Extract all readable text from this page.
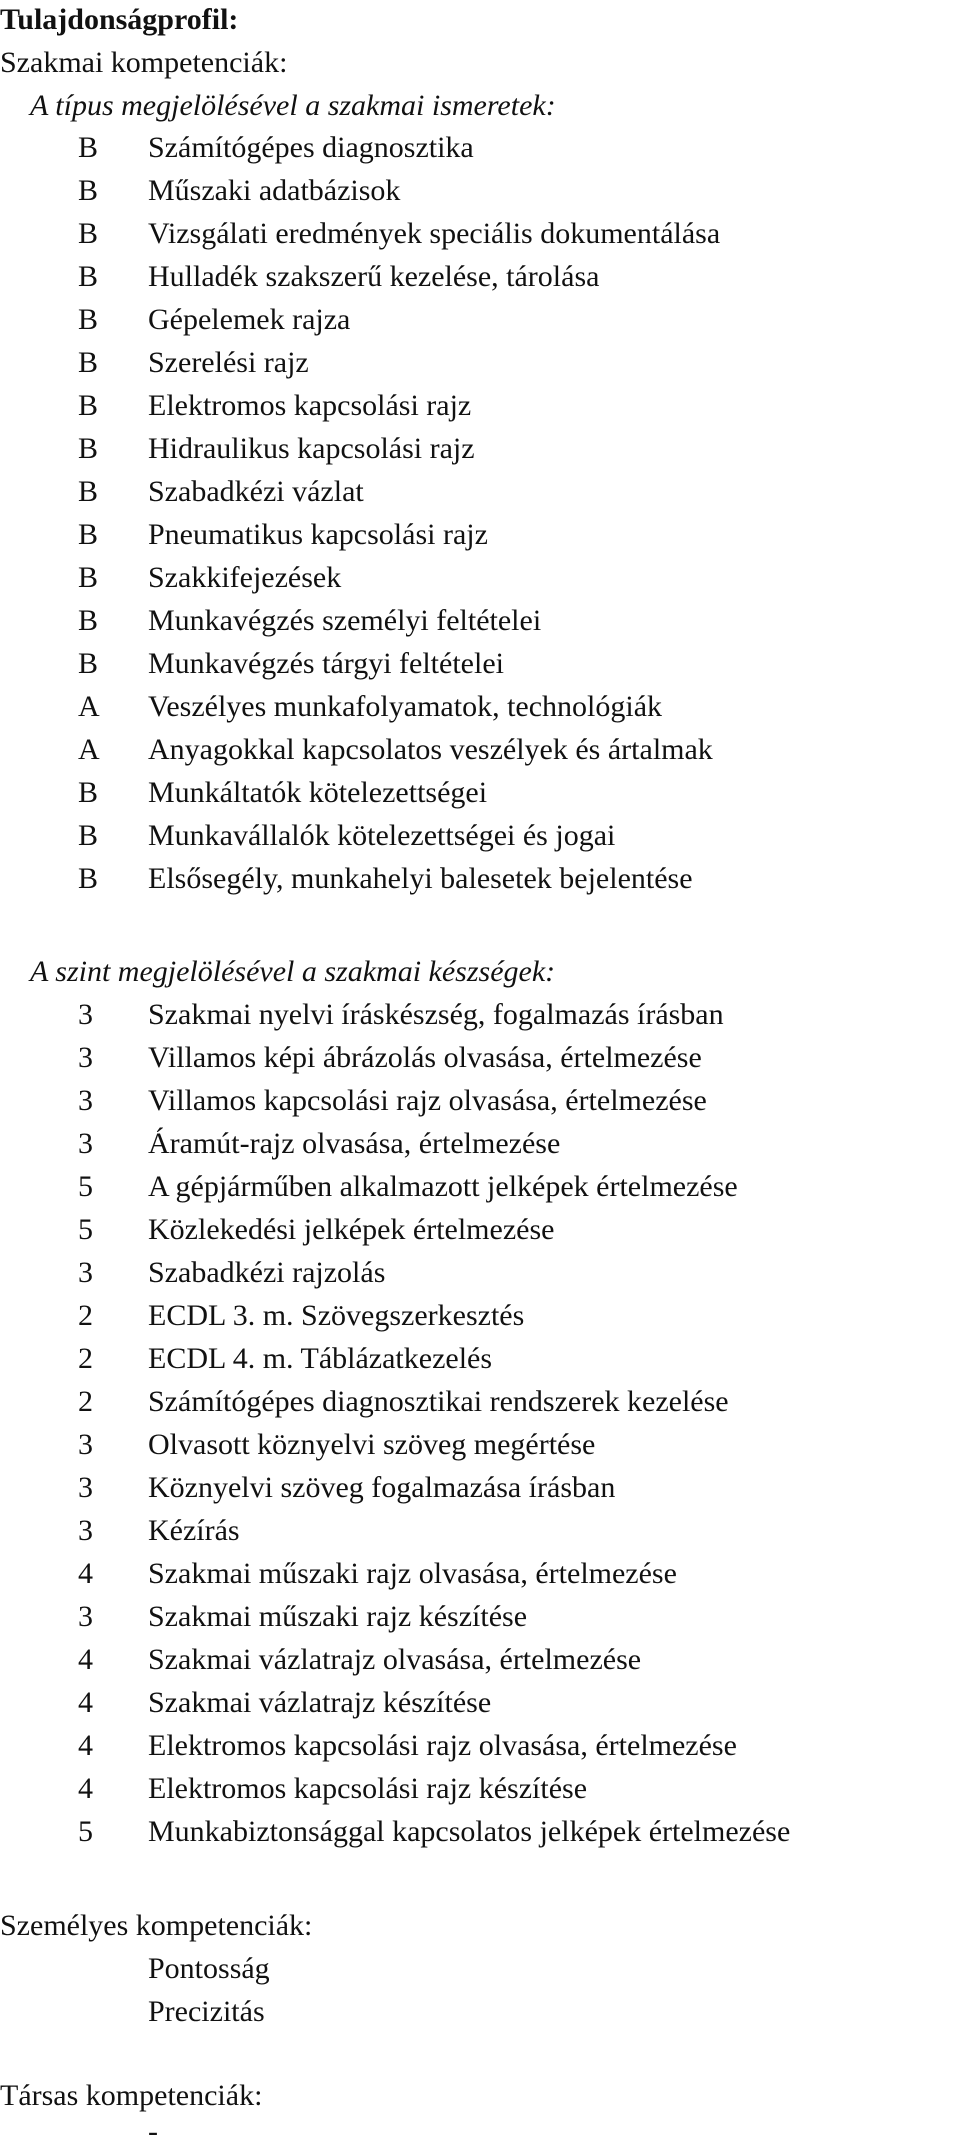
Tulajdonságprofil:
Szakmai kompetenciák:
A típus megjelölésével a szakmai ismeretek:
B	Számítógépes diagnosztika
B	Műszaki adatbázisok
B	Vizsgálati eredmények speciális dokumentálása
B	Hulladék szakszerű kezelése, tárolása
B	Gépelemek rajza
B	Szerelési rajz
B	Elektromos kapcsolási rajz
B	Hidraulikus kapcsolási rajz
B	Szabadkézi vázlat
B	Pneumatikus kapcsolási rajz
B	Szakkifejezések
B	Munkavégzés személyi feltételei
B	Munkavégzés tárgyi feltételei
A	Veszélyes munkafolyamatok, technológiák
A	Anyagokkal kapcsolatos veszélyek és ártalmak
B	Munkáltatók kötelezettségei
B	Munkavállalók kötelezettségei és jogai
B	Elsősegély, munkahelyi balesetek bejelentése
A szint megjelölésével a szakmai készségek:
3	Szakmai nyelvi íráskészség, fogalmazás írásban
3	Villamos képi ábrázolás olvasása, értelmezése
3	Villamos kapcsolási rajz olvasása, értelmezése
3	Áramút-rajz olvasása, értelmezése
5	A gépjárműben alkalmazott jelképek értelmezése
5	Közlekedési jelképek értelmezése
3	Szabadkézi rajzolás
2	ECDL 3. m. Szövegszerkesztés
2	ECDL 4. m. Táblázatkezelés
2	Számítógépes diagnosztikai rendszerek kezelése
3	Olvasott köznyelvi szöveg megértése
3	Köznyelvi szöveg fogalmazása írásban
3	Kézírás
4	Szakmai műszaki rajz olvasása, értelmezése
3	Szakmai műszaki rajz készítése
4	Szakmai vázlatrajz olvasása, értelmezése
4	Szakmai vázlatrajz készítése
4	Elektromos kapcsolási rajz olvasása, értelmezése
4	Elektromos kapcsolási rajz készítése
5	Munkabiztonsággal kapcsolatos jelképek értelmezése
Személyes kompetenciák:
Pontosság
Precizitás
Társas kompetenciák:
-
